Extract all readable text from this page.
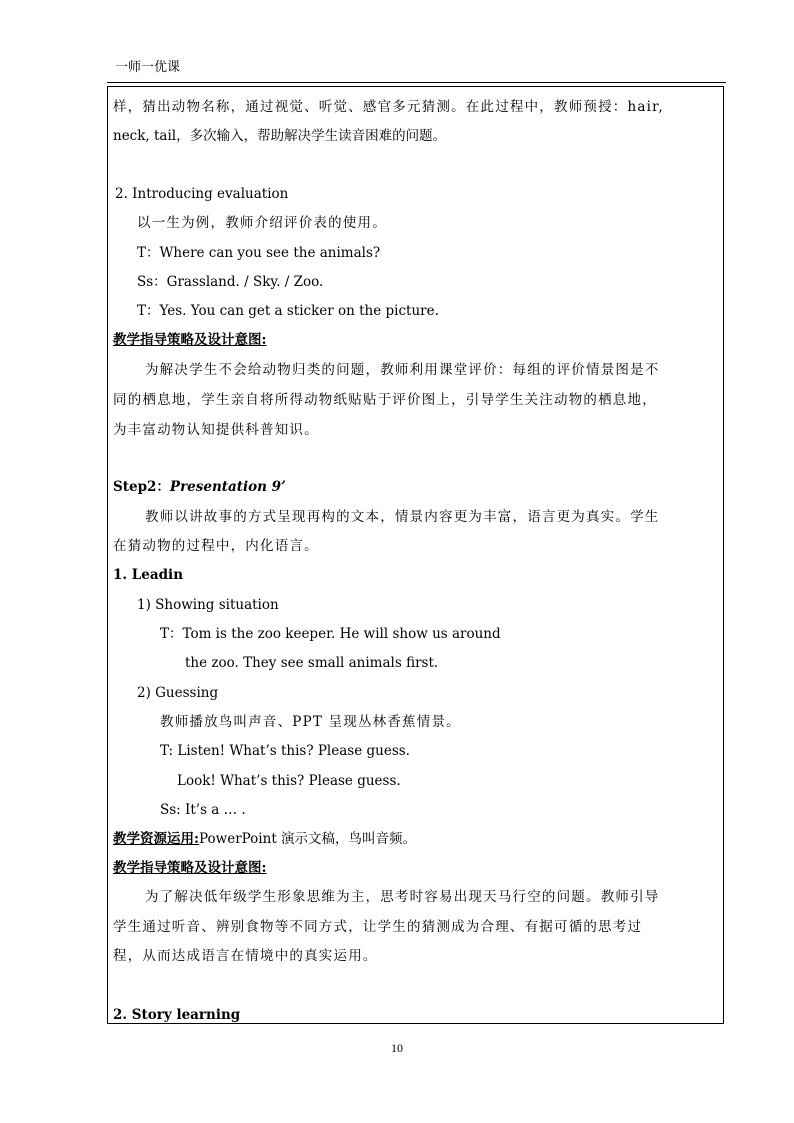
一师一优课
样，猜出动物名称，通过视觉、听觉、感官多元猜测。在此过程中，教师预授：hair,
neck, tail，多次输入，帮助解决学生读音困难的问题。
2. Introducing evaluation
以一生为例，教师介绍评价表的使用。
T：Where can you see the animals?
Ss：Grassland. / Sky. / Zoo.
T：Yes. You can get a sticker on the picture.
教学指导策略及设计意图:
为解决学生不会给动物归类的问题，教师利用课堂评价：每组的评价情景图是不
同的栖息地，学生亲自将所得动物纸贴贴于评价图上，引导学生关注动物的栖息地，
为丰富动物认知提供科普知识。
Step2：Presentation 9’
教师以讲故事的方式呈现再构的文本，情景内容更为丰富，语言更为真实。学生
在猜动物的过程中，内化语言。
1. Leadin
1) Showing situation
T：Tom is the zoo keeper. He will show us around
the zoo. They see small animals first.
2) Guessing
教师播放鸟叫声音、PPT 呈现丛林香蕉情景。
T: Listen! What’s this? Please guess.
Look! What’s this? Please guess.
Ss: It’s a … .
教学资源运用:PowerPoint 演示文稿，鸟叫音频。
教学指导策略及设计意图:
为了解决低年级学生形象思维为主，思考时容易出现天马行空的问题。教师引导
学生通过听音、辨别食物等不同方式，让学生的猜测成为合理、有据可循的思考过
程，从而达成语言在情境中的真实运用。
2. Story learning
10
